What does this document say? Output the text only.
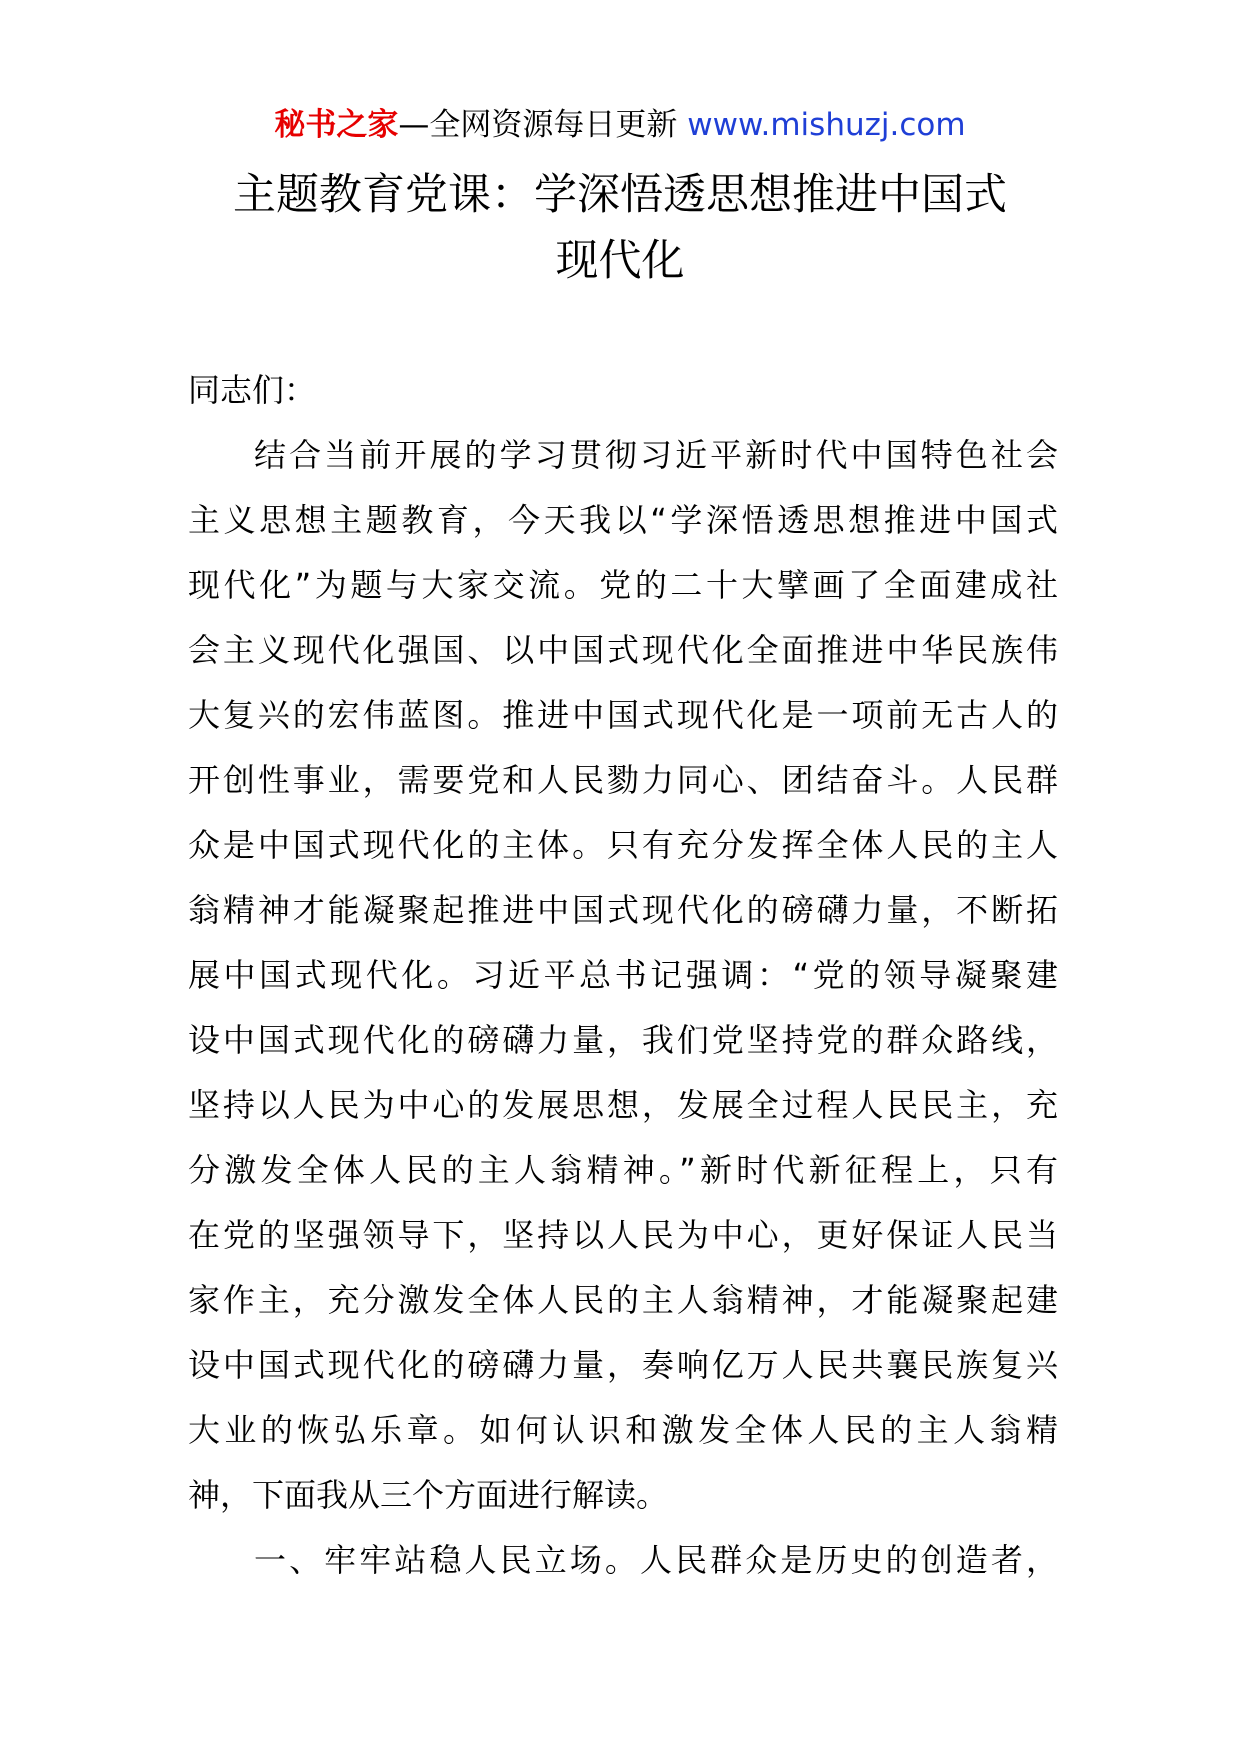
秘书之家—全网资源每日更新 www.mishuzj.com
主题教育党课：学深悟透思想推进中国式
现代化
同志们：
结合当前开展的学习贯彻习近平新时代中国特色社会
主义思想主题教育，今天我以“学深悟透思想推进中国式
现代化”为题与大家交流。党的二十大擘画了全面建成社
会主义现代化强国、以中国式现代化全面推进中华民族伟
大复兴的宏伟蓝图。推进中国式现代化是一项前无古人的
开创性事业，需要党和人民勠力同心、团结奋斗。人民群
众是中国式现代化的主体。只有充分发挥全体人民的主人
翁精神才能凝聚起推进中国式现代化的磅礴力量，不断拓
展中国式现代化。习近平总书记强调：“党的领导凝聚建
设中国式现代化的磅礴力量，我们党坚持党的群众路线，
坚持以人民为中心的发展思想，发展全过程人民民主，充
分激发全体人民的主人翁精神。”新时代新征程上，只有
在党的坚强领导下，坚持以人民为中心，更好保证人民当
家作主，充分激发全体人民的主人翁精神，才能凝聚起建
设中国式现代化的磅礴力量，奏响亿万人民共襄民族复兴
大业的恢弘乐章。如何认识和激发全体人民的主人翁精
神，下面我从三个方面进行解读。
一、牢牢站稳人民立场。人民群众是历史的创造者，
